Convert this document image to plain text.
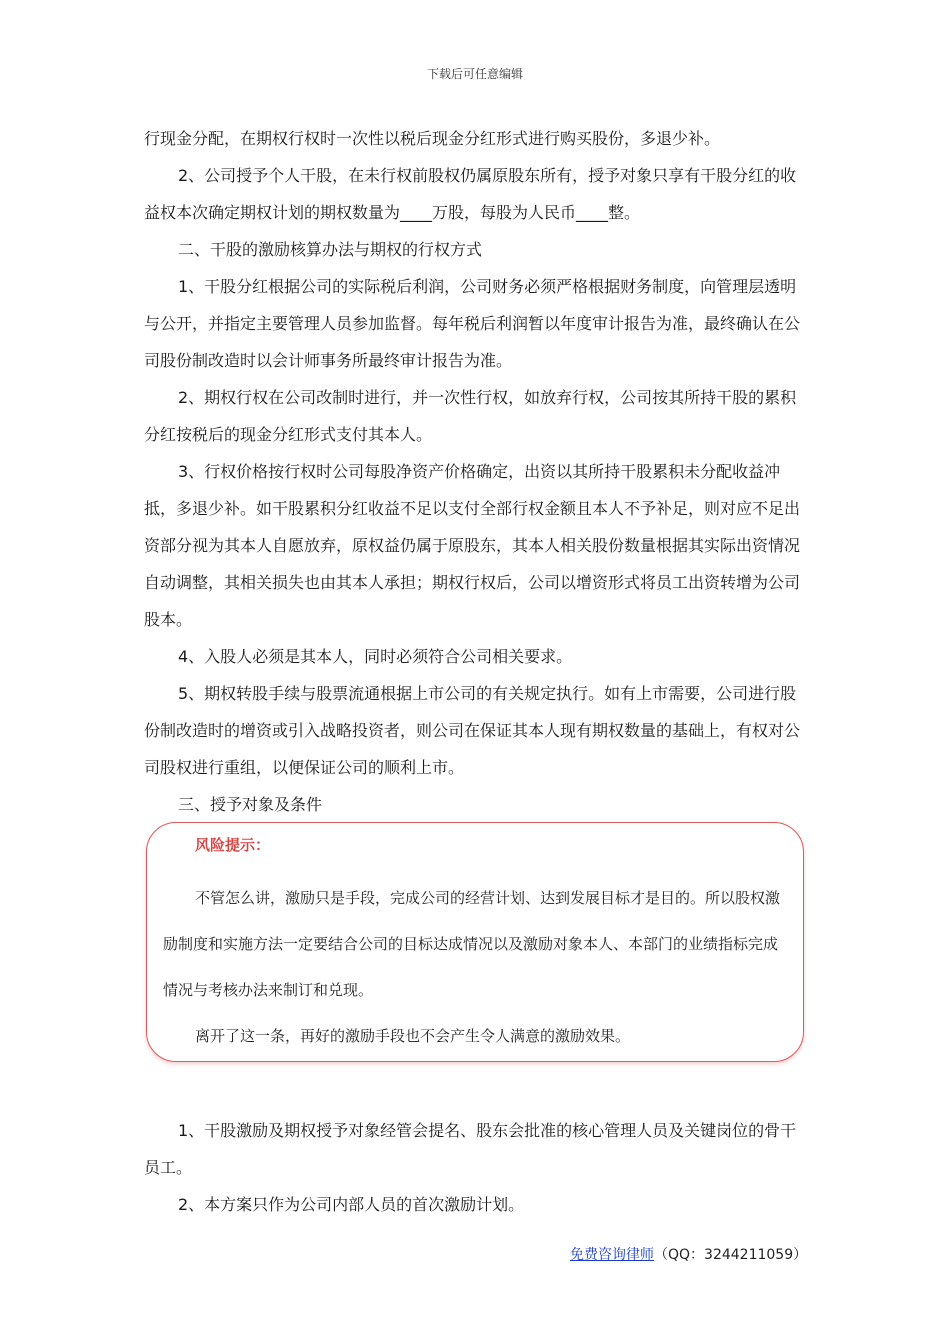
下载后可任意编辑

行现金分配，在期权行权时一次性以税后现金分红形式进行购买股份，多退少补。

2、公司授予个人干股，在未行权前股权仍属原股东所有，授予对象只享有干股分红的收益权本次确定期权计划的期权数量为____万股，每股为人民币____整。

二、干股的激励核算办法与期权的行权方式

1、干股分红根据公司的实际税后利润，公司财务必须严格根据财务制度，向管理层透明与公开，并指定主要管理人员参加监督。每年税后利润暂以年度审计报告为准，最终确认在公司股份制改造时以会计师事务所最终审计报告为准。

2、期权行权在公司改制时进行，并一次性行权，如放弃行权，公司按其所持干股的累积分红按税后的现金分红形式支付其本人。

3、行权价格按行权时公司每股净资产价格确定，出资以其所持干股累积未分配收益冲抵，多退少补。如干股累积分红收益不足以支付全部行权金额且本人不予补足，则对应不足出资部分视为其本人自愿放弃，原权益仍属于原股东，其本人相关股份数量根据其实际出资情况自动调整，其相关损失也由其本人承担；期权行权后，公司以增资形式将员工出资转增为公司股本。

4、入股人必须是其本人，同时必须符合公司相关要求。

5、期权转股手续与股票流通根据上市公司的有关规定执行。如有上市需要，公司进行股份制改造时的增资或引入战略投资者，则公司在保证其本人现有期权数量的基础上，有权对公司股权进行重组，以便保证公司的顺利上市。

三、授予对象及条件

风险提示：

不管怎么讲，激励只是手段，完成公司的经营计划、达到发展目标才是目的。所以股权激励制度和实施方法一定要结合公司的目标达成情况以及激励对象本人、本部门的业绩指标完成情况与考核办法来制订和兑现。

离开了这一条，再好的激励手段也不会产生令人满意的激励效果。

1、干股激励及期权授予对象经管会提名、股东会批准的核心管理人员及关键岗位的骨干员工。

2、本方案只作为公司内部人员的首次激励计划。

免费咨询律师（QQ：3244211059）
